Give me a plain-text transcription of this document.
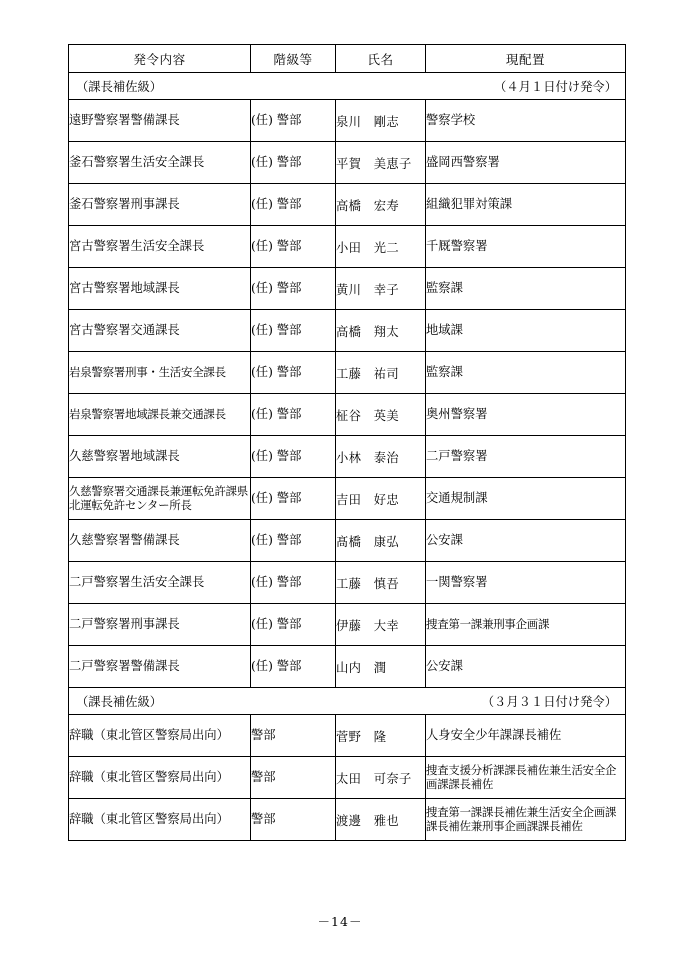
発令内容	階級等	氏名	現配置

（課長補佐級） （４月１日付け発令）			

遠野警察署警備課長	(任) 警部	泉川　剛志	警察学校
釜石警察署生活安全課長	(任) 警部	平賀　美恵子	盛岡西警察署
釜石警察署刑事課長	(任) 警部	高橋　宏寿	組織犯罪対策課
宮古警察署生活安全課長	(任) 警部	小田　光二	千厩警察署
宮古警察署地域課長	(任) 警部	黄川　幸子	監察課
宮古警察署交通課長	(任) 警部	高橋　翔太	地域課
岩泉警察署刑事・生活安全課長	(任) 警部	工藤　祐司	監察課
岩泉警察署地域課長兼交通課長	(任) 警部	柾谷　英美	奥州警察署
久慈警察署地域課長	(任) 警部	小林　泰治	二戸警察署
久慈警察署交通課長兼運転免許課県北運転免許センター所長	(任) 警部	吉田　好忠	交通規制課
久慈警察署警備課長	(任) 警部	髙橋　康弘	公安課
二戸警察署生活安全課長	(任) 警部	工藤　慎吾	一関警察署
二戸警察署刑事課長	(任) 警部	伊藤　大幸	捜査第一課兼刑事企画課
二戸警察署警備課長	(任) 警部	山内　潤	公安課

（課長補佐級） （３月３１日付け発令）			

辞職（東北管区警察局出向）	警部	菅野　隆	人身安全少年課課長補佐
辞職（東北管区警察局出向）	警部	太田　可奈子	捜査支援分析課課長補佐兼生活安全企画課課長補佐
辞職（東北管区警察局出向）	警部	渡邊　雅也	捜査第一課課長補佐兼生活安全企画課課長補佐兼刑事企画課課長補佐
－14－
